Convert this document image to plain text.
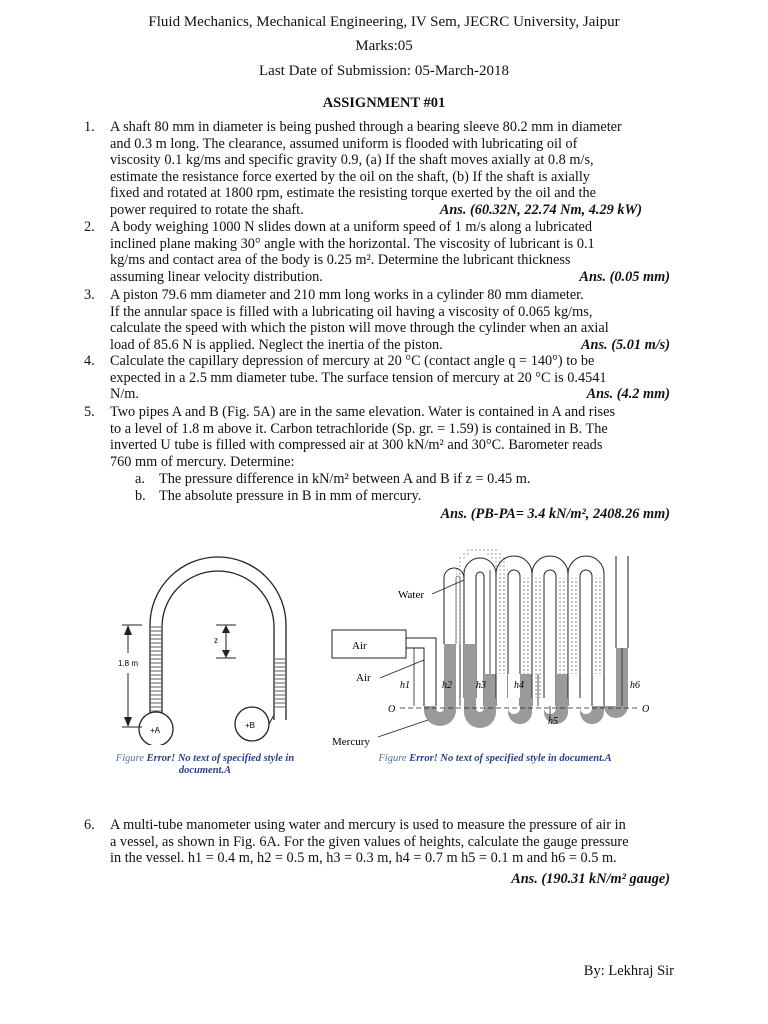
Fluid Mechanics, Mechanical Engineering, IV Sem, JECRC University, Jaipur
Marks:05
Last Date of Submission: 05-March-2018
ASSIGNMENT #01
1. A shaft 80 mm in diameter is being pushed through a bearing sleeve 80.2 mm in diameter
and 0.3 m long. The clearance, assumed uniform is flooded with lubricating oil of
viscosity 0.1 kg/ms and specific gravity 0.9, (a) If the shaft moves axially at 0.8 m/s,
estimate the resistance force exerted by the oil on the shaft, (b) If the shaft is axially
fixed and rotated at 1800 rpm, estimate the resisting torque exerted by the oil and the
power required to rotate the shaft.	Ans. (60.32N, 22.74 Nm, 4.29 kW)
2. A body weighing 1000 N slides down at a uniform speed of 1 m/s along a lubricated
inclined plane making 30° angle with the horizontal. The viscosity of lubricant is 0.1
kg/ms and contact area of the body is 0.25 m². Determine the lubricant thickness
assuming linear velocity distribution.	Ans. (0.05 mm)
3. A piston 79.6 mm diameter and 210 mm long works in a cylinder 80 mm diameter.
If the annular space is filled with a lubricating oil having a viscosity of 0.065 kg/ms,
calculate the speed with which the piston will move through the cylinder when an axial
load of 85.6 N is applied. Neglect the inertia of the piston.	Ans. (5.01 m/s)
4. Calculate the capillary depression of mercury at 20 °C (contact angle q = 140°) to be
expected in a 2.5 mm diameter tube. The surface tension of mercury at 20 °C is 0.4541
N/m.	Ans. (4.2 mm)
5. Two pipes A and B (Fig. 5A) are in the same elevation. Water is contained in A and rises
to a level of 1.8 m above it. Carbon tetrachloride (Sp. gr. = 1.59) is contained in B. The
inverted U tube is filled with compressed air at 300 kN/m² and 30°C. Barometer reads
760 mm of mercury. Determine:
a. The pressure difference in kN/m² between A and B if z = 0.45 m.
b. The absolute pressure in B in mm of mercury.
Ans. (PB-PA= 3.4 kN/m², 2408.26 mm)
1.8 m
z
+A
+B
Figure Error! No text of specified style in document.A
Air
O	O
Water
Air
Mercury
h1	h2 h3	h4
h5
h6
Figure Error! No text of specified style in document.A
6. A multi-tube manometer using water and mercury is used to measure the pressure of air in
a vessel, as shown in Fig. 6A. For the given values of heights, calculate the gauge pressure
in the vessel. h1 = 0.4 m, h2 = 0.5 m, h3 = 0.3 m, h4 = 0.7 m h5 = 0.1 m and h6 = 0.5 m.
Ans. (190.31 kN/m² gauge)
By: Lekhraj Sir
